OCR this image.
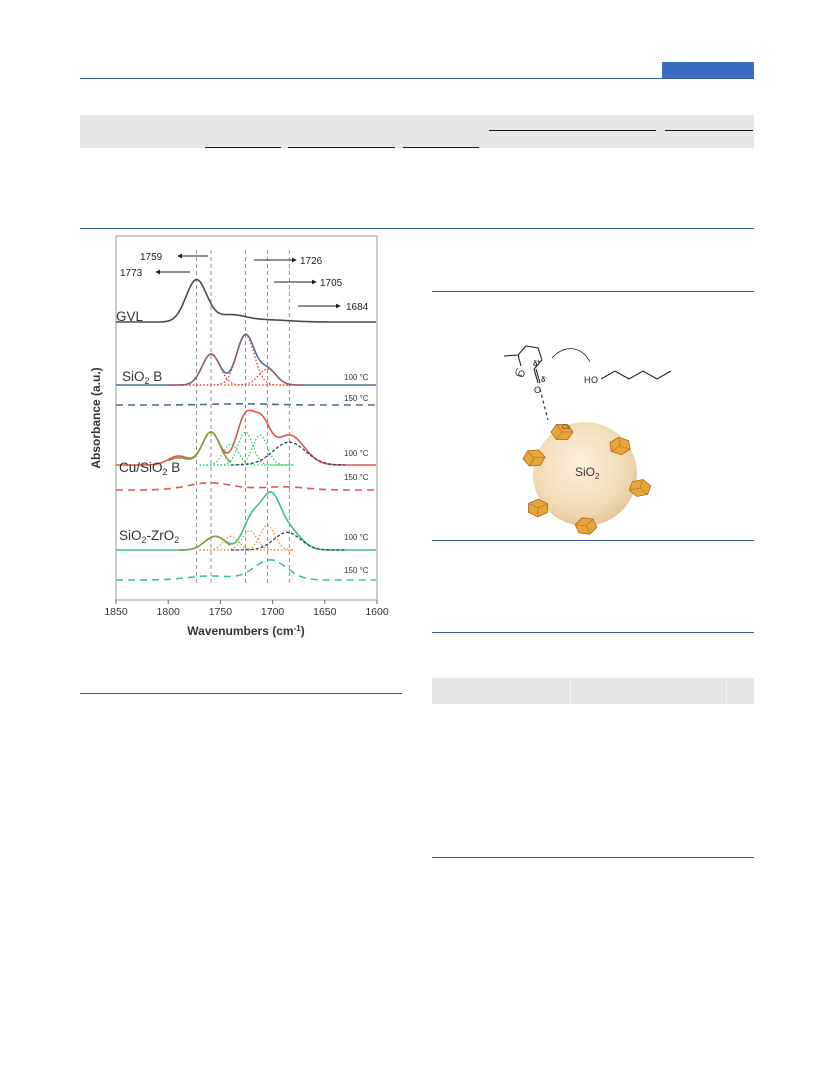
1759
1773
1726
1705
1684
GVL
SiO$_2$ B
Cu/SiO$_2$ B
SiO$_2$-ZrO$_2$
100 °C
150 °C
100 °C
150 °C
100 °C
150 °C
1850	1800	1750	1700	1650	1600
Wavenumbers $(cm^{-1})$
Absorbance (a.u.)
SiO$_2$
Cu
O
O
δ+
δ-	H O
